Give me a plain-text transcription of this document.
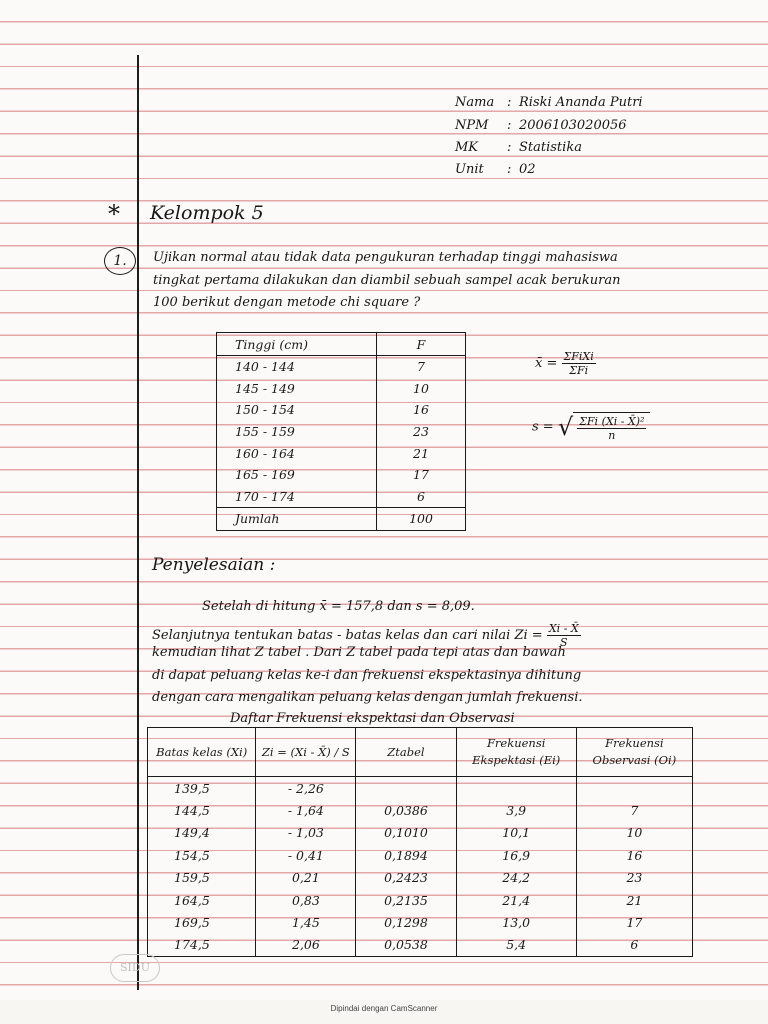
Nama : Riski Ananda Putri
NPM : 2006103020056
MK : Statistika
Unit : 02
* Kelompok 5
1.	Ujikan normal atau tidak data pengukuran terhadap tinggi mahasiswa
tingkat pertama dilakukan dan diambil sebuah sampel acak berukuran
100 berikut dengan metode chi square ?
Tinggi (cm)	F
140 - 144	7
145 - 149	10
150 - 154	16
155 - 159	23
160 - 164	21
165 - 169	17
170 - 174	6
Jumlah	100
x̄ = $\frac{\text{ΣFiXi}}{\text{ΣFi}}$
s = √ $\frac{\text{ΣFi (Xi - X̄)²}}{n}$
Penyelesaian :
Setelah di hitung x̄ = 157,8 dan s = 8,09.
Selanjutnya tentukan batas - batas kelas dan cari nilai $Zi = \frac{Xi - X̄}{S}$
kemudian lihat Z tabel . Dari Z tabel pada tepi atas dan bawah
di dapat peluang kelas ke-i dan frekuensi ekspektasinya dihitung
dengan cara mengalikan peluang kelas dengan jumlah frekuensi.
Daftar Frekuensi ekspektasi dan Observasi
Batas kelas (Xi)	Zi = (Xi - X̄) / S	Ztabel	Frekuensi Ekspektasi (Ei)	Frekuensi Observasi (Oi)
139,5	- 2,26			
144,5	- 1,64	0,0386	3,9	7
149,4	- 1,03	0,1010	10,1	10
154,5	- 0,41	0,1894	16,9	16
159,5	0,21	0,2423	24,2	23
164,5	0,83	0,2135	21,4	21
169,5	1,45	0,1298	13,0	17
174,5	2,06	0,0538	5,4	6
SIDU
Dipindai dengan CamScanner
